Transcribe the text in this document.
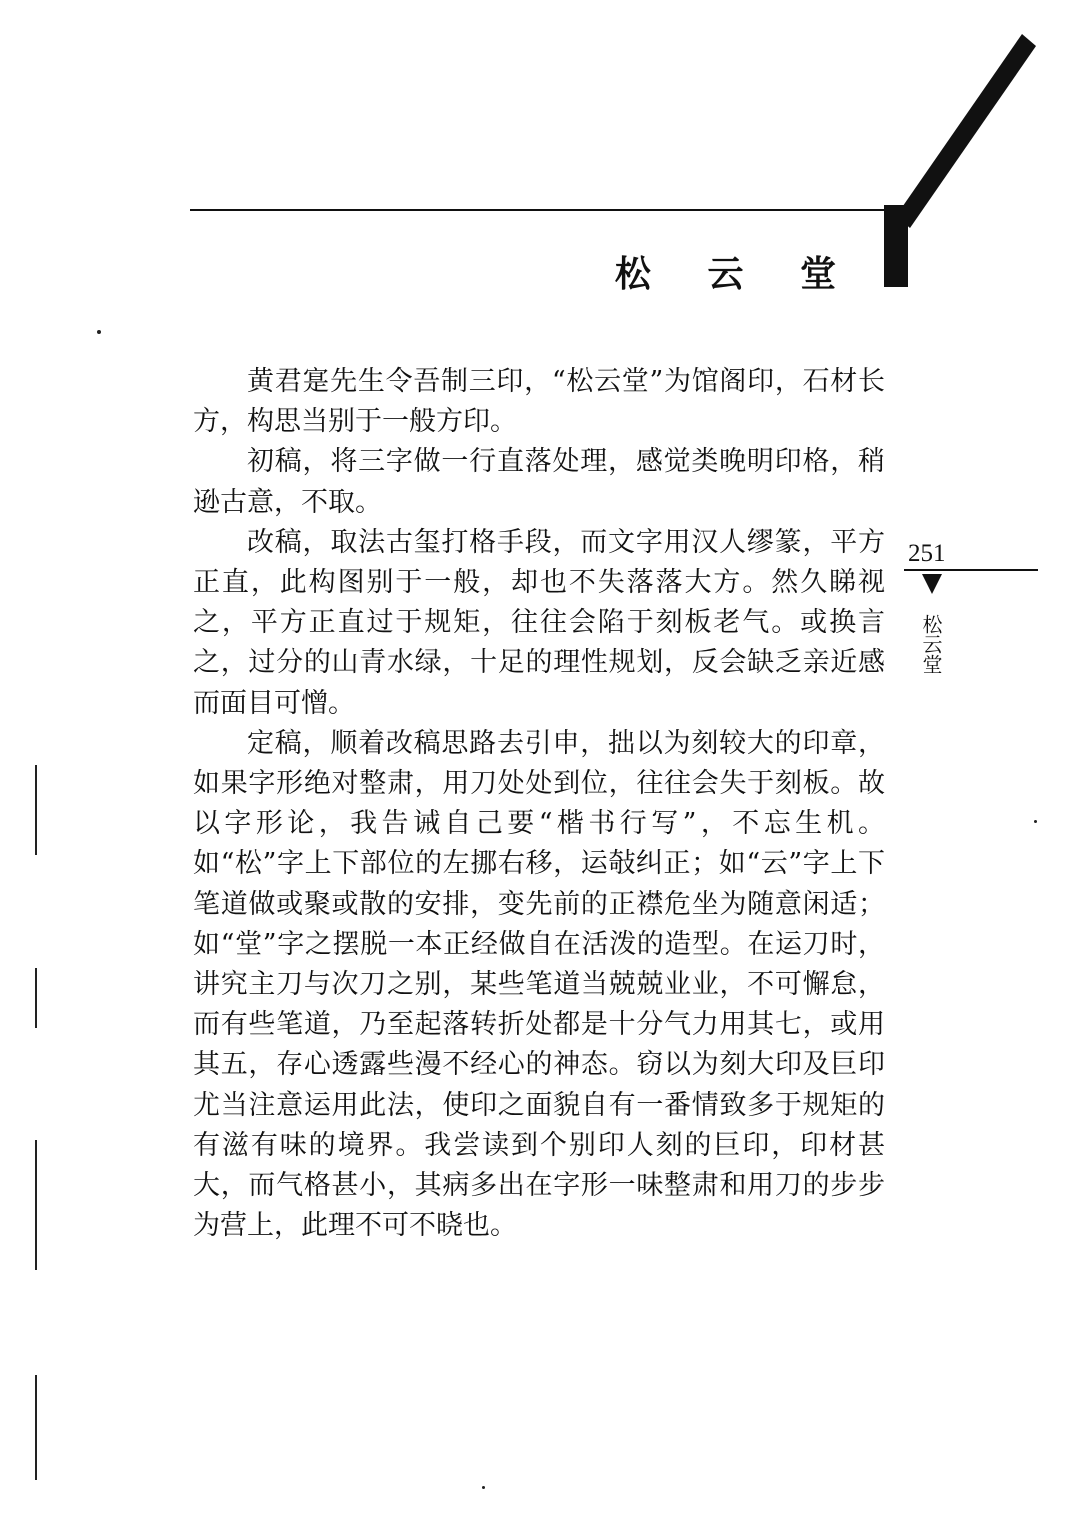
松 云 堂

黄君寔先生令吾制三印，“松云堂”为馆阁印，石材长方，构思当别于一般方印。

初稿，将三字做一行直落处理，感觉类晚明印格，稍逊古意，不取。

改稿，取法古玺打格手段，而文字用汉人缪篆，平方正直，此构图别于一般，却也不失落落大方。然久睇视之，平方正直过于规矩，往往会陷于刻板老气。或换言之，过分的山青水绿，十足的理性规划，反会缺乏亲近感而面目可憎。

定稿，顺着改稿思路去引申，拙以为刻较大的印章，如果字形绝对整肃，用刀处处到位，往往会失于刻板。故以字形论，我告诫自己要“楷书行写”，不忘生机。如“松”字上下部位的左挪右移，运敧纠正；如“云”字上下笔道做或聚或散的安排，变先前的正襟危坐为随意闲适；如“堂”字之摆脱一本正经做自在活泼的造型。在运刀时，讲究主刀与次刀之别，某些笔道当兢兢业业，不可懈怠，而有些笔道，乃至起落转折处都是十分气力用其七，或用其五，存心透露些漫不经心的神态。窃以为刻大印及巨印尤当注意运用此法，使印之面貌自有一番情致多于规矩的有滋有味的境界。我尝读到个别印人刻的巨印，印材甚大，而气格甚小，其病多出在字形一味整肃和用刀的步步为营上，此理不可不晓也。

251
松云堂
